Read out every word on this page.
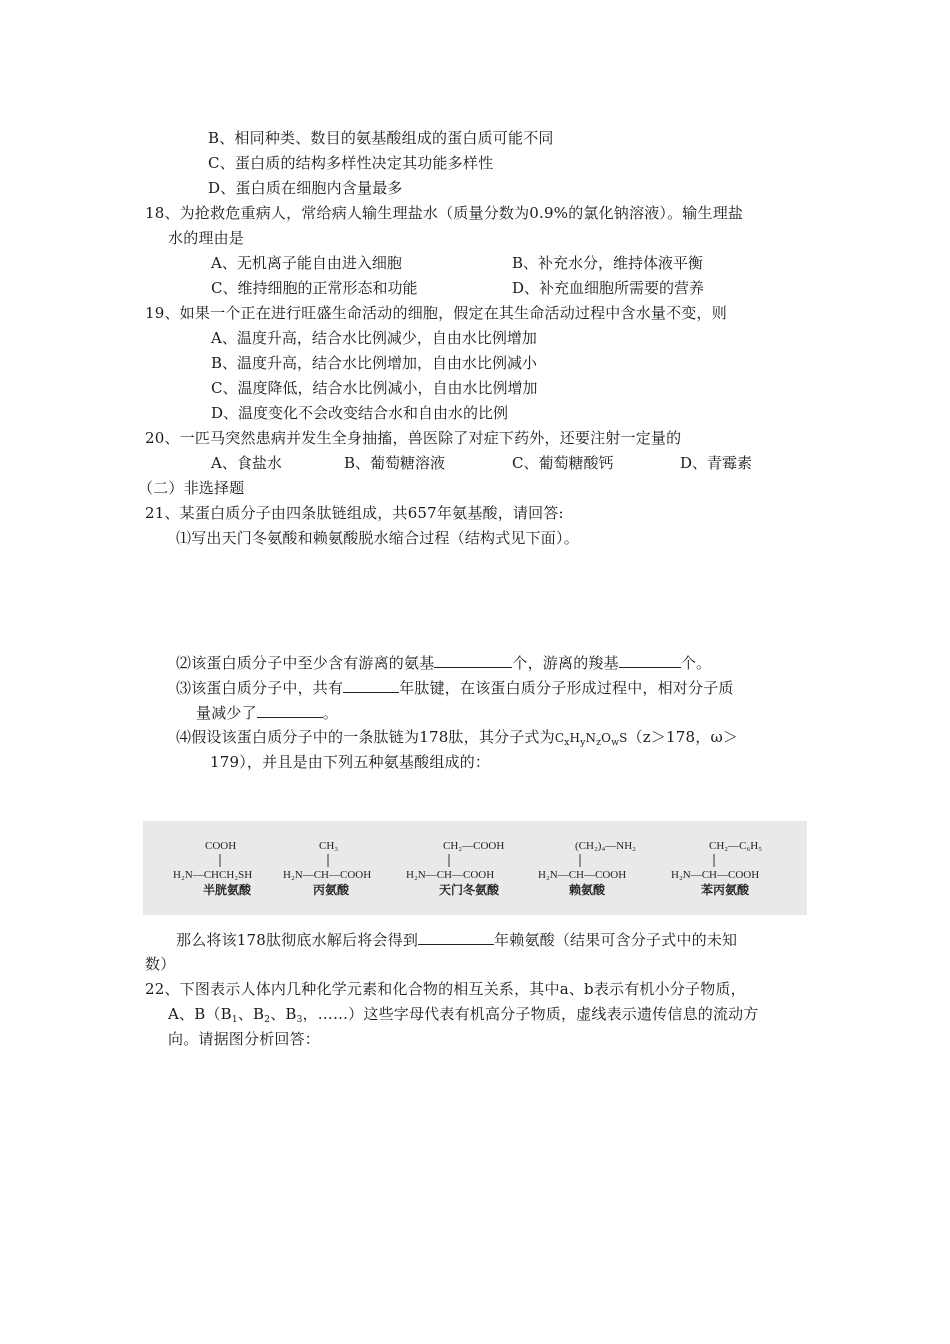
B、相同种类、数目的氨基酸组成的蛋白质可能不同
C、蛋白质的结构多样性决定其功能多样性
D、蛋白质在细胞内含量最多
18、为抢救危重病人，常给病人输生理盐水（质量分数为0.9%的氯化钠溶液）。输生理盐
水的理由是
A、无机离子能自由进入细胞	B、补充水分，维持体液平衡
C、维持细胞的正常形态和功能	D、补充血细胞所需要的营养
19、如果一个正在进行旺盛生命活动的细胞，假定在其生命活动过程中含水量不变，则
A、温度升高，结合水比例减少，自由水比例增加
B、温度升高，结合水比例增加，自由水比例减小
C、温度降低，结合水比例减小，自由水比例增加
D、温度变化不会改变结合水和自由水的比例
20、一匹马突然患病并发生全身抽搐，兽医除了对症下药外，还要注射一定量的
A、食盐水	B、葡萄糖溶液	C、葡萄糖酸钙	D、青霉素
（二）非选择题
21、某蛋白质分子由四条肽链组成，共657年氨基酸，请回答:
⑴写出天门冬氨酸和赖氨酸脱水缩合过程（结构式见下面）。
⑵该蛋白质分子中至少含有游离的氨基	个，游离的羧基	个。
⑶该蛋白质分子中，共有	年肽键，在该蛋白质分子形成过程中，相对分子质
量减少了	。
⑷假设该蛋白质分子中的一条肽链为178肽，其分子式为$C_xH_yN_zO_wS(z>178$，ω＞
179），并且是由下列五种氨基酸组成的：
COOH
H₂N—CHCH₂SH
半胱氨酸
CH₃
H₂N—CH—COOH
丙氨酸
CH₂—COOH
H₂N—CH—COOH
天门冬氨酸
(CH₂)₄—NH₂
H₂N—CH—COOH
赖氨酸
CH₂—C₆H₅
H₂N—CH—COOH
苯丙氨酸
那么将该178肽彻底水解后将会得到	年赖氨酸（结果可含分子式中的未知
数）
22、下图表示人体内几种化学元素和化合物的相互关系，其中a、b表示有机小分子物质，
A、$B(B_1$、$B_2$、$B_3$，……）这些字母代表有机高分子物质，虚线表示遗传信息的流动方
向。请据图分析回答：
